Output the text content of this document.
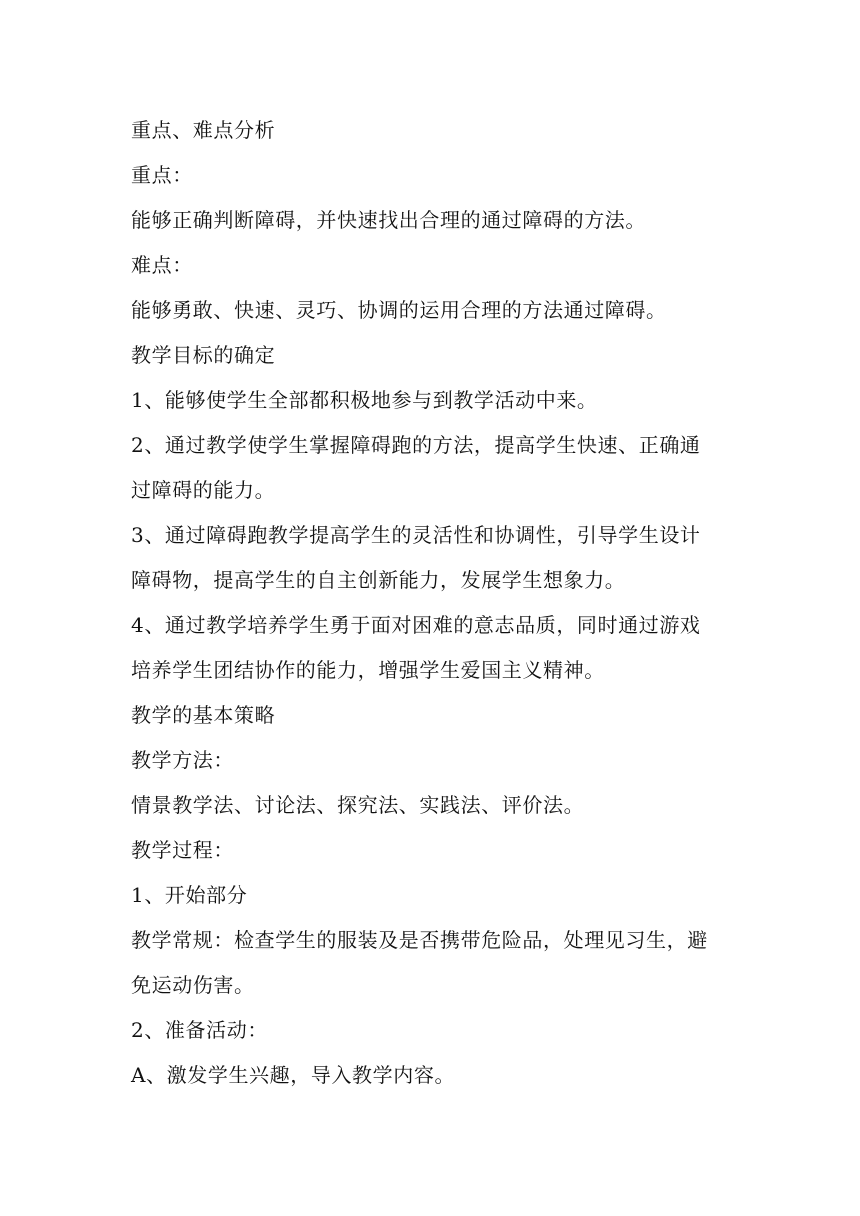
重点、难点分析
重点：
能够正确判断障碍，并快速找出合理的通过障碍的方法。
难点：
能够勇敢、快速、灵巧、协调的运用合理的方法通过障碍。
教学目标的确定
1、能够使学生全部都积极地参与到教学活动中来。
2、通过教学使学生掌握障碍跑的方法，提高学生快速、正确通
过障碍的能力。
3、通过障碍跑教学提高学生的灵活性和协调性，引导学生设计
障碍物，提高学生的自主创新能力，发展学生想象力。
4、通过教学培养学生勇于面对困难的意志品质，同时通过游戏
培养学生团结协作的能力，增强学生爱国主义精神。
教学的基本策略
教学方法：
情景教学法、讨论法、探究法、实践法、评价法。
教学过程：
1、开始部分
教学常规：检查学生的服装及是否携带危险品，处理见习生，避
免运动伤害。
2、准备活动：
A、激发学生兴趣，导入教学内容。
